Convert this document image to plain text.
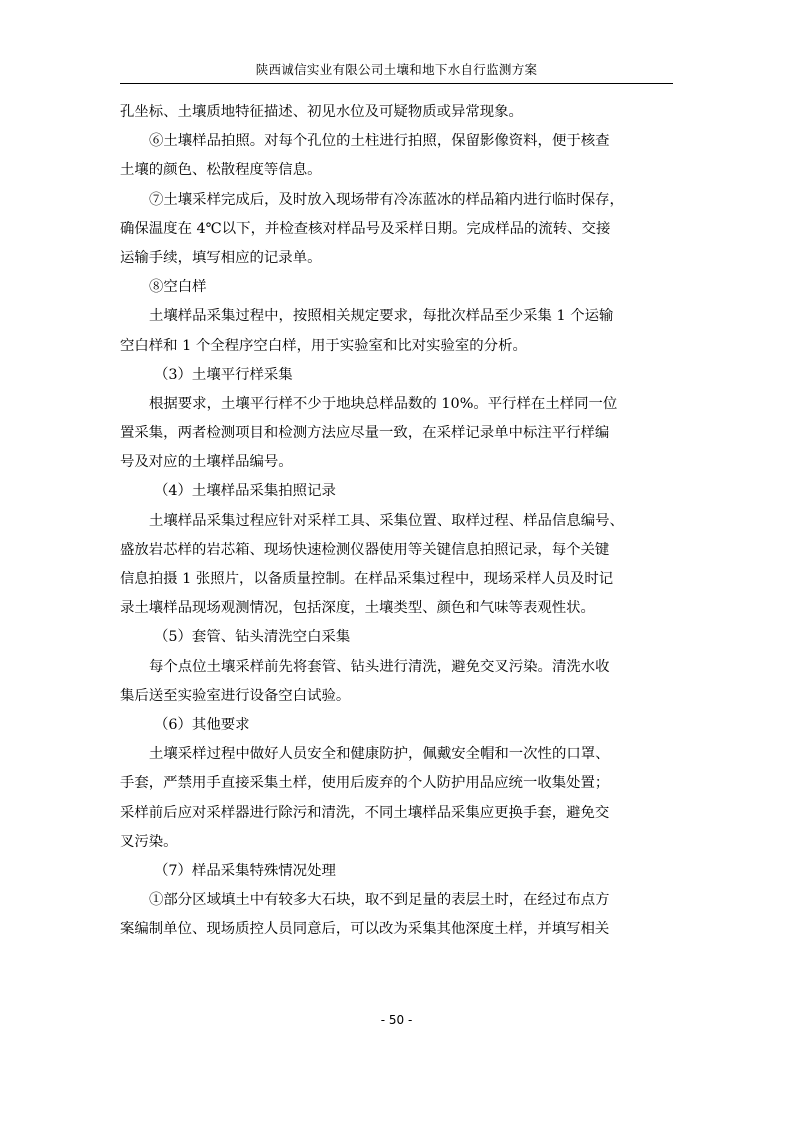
陕西诚信实业有限公司土壤和地下水自行监测方案
孔坐标、土壤质地特征描述、初见水位及可疑物质或异常现象。
⑥土壤样品拍照。对每个孔位的土柱进行拍照，保留影像资料，便于核查
土壤的颜色、松散程度等信息。
⑦土壤采样完成后，及时放入现场带有冷冻蓝冰的样品箱内进行临时保存，
确保温度在 4℃以下，并检查核对样品号及采样日期。完成样品的流转、交接
运输手续，填写相应的记录单。
⑧空白样
土壤样品采集过程中，按照相关规定要求，每批次样品至少采集 1 个运输
空白样和 1 个全程序空白样，用于实验室和比对实验室的分析。
（3）土壤平行样采集
根据要求，土壤平行样不少于地块总样品数的 10%。平行样在土样同一位
置采集，两者检测项目和检测方法应尽量一致，在采样记录单中标注平行样编
号及对应的土壤样品编号。
（4）土壤样品采集拍照记录
土壤样品采集过程应针对采样工具、采集位置、取样过程、样品信息编号、
盛放岩芯样的岩芯箱、现场快速检测仪器使用等关键信息拍照记录，每个关键
信息拍摄 1 张照片，以备质量控制。在样品采集过程中，现场采样人员及时记
录土壤样品现场观测情况，包括深度，土壤类型、颜色和气味等表观性状。
（5）套管、钻头清洗空白采集
每个点位土壤采样前先将套管、钻头进行清洗，避免交叉污染。清洗水收
集后送至实验室进行设备空白试验。
（6）其他要求
土壤采样过程中做好人员安全和健康防护，佩戴安全帽和一次性的口罩、
手套，严禁用手直接采集土样，使用后废弃的个人防护用品应统一收集处置；
采样前后应对采样器进行除污和清洗，不同土壤样品采集应更换手套，避免交
叉污染。
（7）样品采集特殊情况处理
①部分区域填土中有较多大石块，取不到足量的表层土时，在经过布点方
案编制单位、现场质控人员同意后，可以改为采集其他深度土样，并填写相关
- 50 -
